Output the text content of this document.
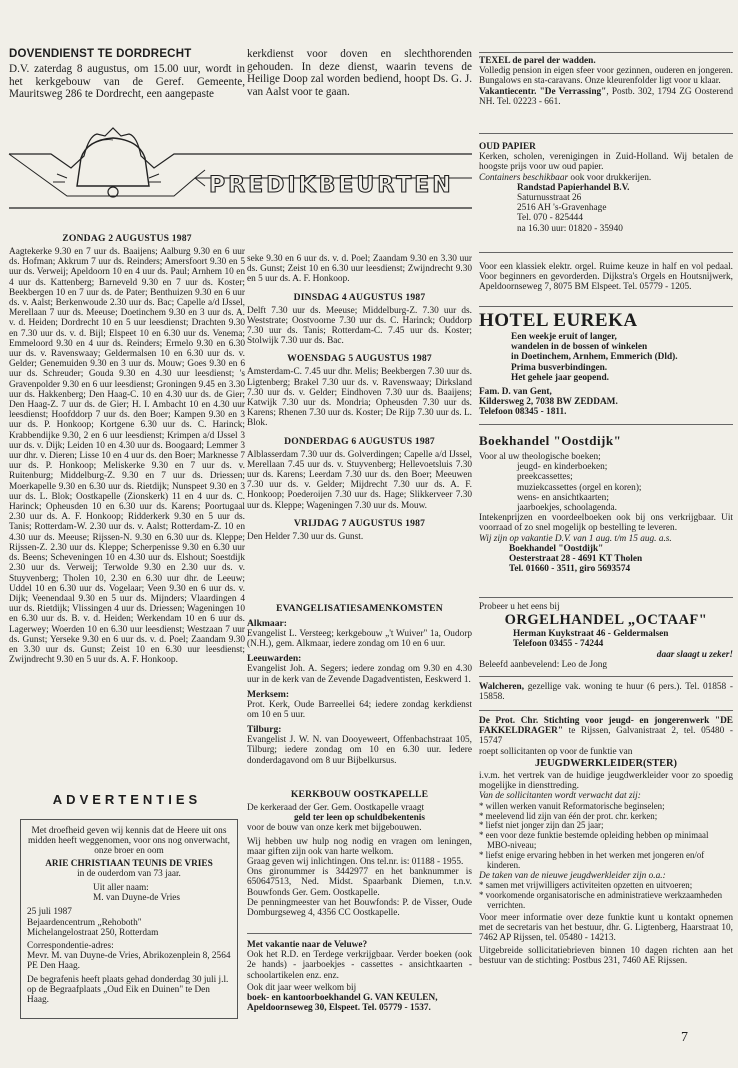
DOVENDIENST TE DORDRECHT

D.V. zaterdag 8 augustus, om 15.00 uur, wordt in het kerkgebouw van de Geref. Gemeente, Mauritsweg 286 te Dordrecht, een aangepaste

kerkdienst voor doven en slechthorenden gehouden. In deze dienst, waarin tevens de Heilige Doop zal worden bediend, hoopt Ds. G. J. van Aalst voor te gaan.

PREDIKBEURTEN

ZONDAG 2 AUGUSTUS 1987

Aagtekerke 9.30 en 7 uur ds. Baaijens; Aalburg 9.30 en 6 uur ds. Hofman; Akkrum 7 uur ds. Reinders; Amersfoort 9.30 en 5 uur ds. Verweij; Apeldoorn 10 en 4 uur ds. Paul; Arnhem 10 en 4 uur ds. Kattenberg; Barneveld 9.30 en 7 uur ds. Koster; Beekbergen 10 en 7 uur ds. de Pater; Benthuizen 9.30 en 6 uur ds. v. Aalst; Berkenwoude 2.30 uur ds. Bac; Capelle a/d IJssel, Merellaan 7 uur ds. Meeuse; Doetinchem 9.30 en 3 uur ds. A. v. d. Heiden; Dordrecht 10 en 5 uur leesdienst; Drachten 9.30 en 7.30 uur ds. v. d. Bijl; Elspeet 10 en 6.30 uur ds. Venema; Emmeloord 9.30 en 4 uur ds. Reinders; Ermelo 9.30 en 6.30 uur ds. v. Ravenswaay; Geldermalsen 10 en 6.30 uur ds. v. Gelder; Genemuiden 9.30 en 3 uur ds. Mouw; Goes 9.30 en 6 uur ds. Schreuder; Gouda 9.30 en 4.30 uur leesdienst; 's Gravenpolder 9.30 en 6 uur leesdienst; Groningen 9.45 en 3.30 uur ds. Hakkenberg; Den Haag-C. 10 en 4.30 uur ds. de Gier; Den Haag-Z. 7 uur ds. de Gier; H. I. Ambacht 10 en 4.30 uur leesdienst; Hoofddorp 7 uur ds. den Boer; Kampen 9.30 en 3 uur ds. P. Honkoop; Kortgene 6.30 uur ds. C. Harinck; Krabbendijke 9.30, 2 en 6 uur leesdienst; Krimpen a/d IJssel 3 uur ds. v. Dijk; Leiden 10 en 4.30 uur ds. Boogaard; Lemmer 3 uur dhr. v. Dieren; Lisse 10 en 4 uur ds. den Boer; Marknesse 7 uur ds. P. Honkoop; Meliskerke 9.30 en 7 uur ds. v. Ruitenburg; Middelburg-Z. 9.30 en 7 uur ds. Driessen; Moerkapelle 9.30 en 6.30 uur ds. Rietdijk; Nunspeet 9.30 en 3 uur ds. L. Blok; Oostkapelle (Zionskerk) 11 en 4 uur ds. C. Harinck; Opheusden 10 en 6.30 uur ds. Karens; Poortugaal 2.30 uur ds. A. F. Honkoop; Ridderkerk 9.30 en 5 uur ds. Tanis; Rotterdam-W. 2.30 uur ds. v. Aalst; Rotterdam-Z. 10 en 4.30 uur ds. Meeuse; Rijssen-N. 9.30 en 6.30 uur ds. Kleppe; Rijssen-Z. 2.30 uur ds. Kleppe; Scherpenisse 9.30 en 6.30 uur ds. Beens; Scheveningen 10 en 4.30 uur ds. Elshout; Soestdijk 2.30 uur ds. Verweij; Terwolde 9.30 en 2.30 uur ds. v. Stuyvenberg; Tholen 10, 2.30 en 6.30 uur dhr. de Leeuw; Uddel 10 en 6.30 uur ds. Vogelaar; Veen 9.30 en 6 uur ds. v. Dijk; Veenendaal 9.30 en 5 uur ds. Mijnders; Vlaardingen 4 uur ds. Rietdijk; Vlissingen 4 uur ds. Driessen; Wageningen 10 en 6.30 uur ds. B. v. d. Heiden; Werkendam 10 en 6 uur ds. Lagerwey; Woerden 10 en 6.30 uur leesdienst; Westzaan 7 uur ds. Gunst; Yerseke 9.30 en 6 uur ds. v. d. Poel; Zaandam 9.30 en 3.30 uur ds. Gunst; Zeist 10 en 6.30 uur leesdienst; Zwijndrecht 9.30 en 5 uur ds. A. F. Honkoop.

seke 9.30 en 6 uur ds. v. d. Poel; Zaandam 9.30 en 3.30 uur ds. Gunst; Zeist 10 en 6.30 uur leesdienst; Zwijndrecht 9.30 en 5 uur ds. A. F. Honkoop.

DINSDAG 4 AUGUSTUS 1987

Delft 7.30 uur ds. Meeuse; Middelburg-Z. 7.30 uur ds. Weststrate; Oostvoorne 7.30 uur ds. C. Harinck; Ouddorp 7.30 uur ds. Tanis; Rotterdam-C. 7.45 uur ds. Koster; Stolwijk 7.30 uur ds. Bac.

WOENSDAG 5 AUGUSTUS 1987

Amsterdam-C. 7.45 uur dhr. Melis; Beekbergen 7.30 uur ds. Ligtenberg; Brakel 7.30 uur ds. v. Ravenswaay; Dirksland 7.30 uur ds. v. Gelder; Eindhoven 7.30 uur ds. Baaijens; Katwijk 7.30 uur ds. Mondria; Opheusden 7.30 uur ds. Karens; Rhenen 7.30 uur ds. Koster; De Rijp 7.30 uur ds. L. Blok.

DONDERDAG 6 AUGUSTUS 1987

Alblasserdam 7.30 uur ds. Golverdingen; Capelle a/d IJssel, Merellaan 7.45 uur ds. v. Stuyvenberg; Hellevoetsluis 7.30 uur ds. Karens; Leerdam 7.30 uur ds. den Boer; Meeuwen 7.30 uur ds. v. Gelder; Mijdrecht 7.30 uur ds. A. F. Honkoop; Poederoijen 7.30 uur ds. Hage; Slikkerveer 7.30 uur ds. Kleppe; Wageningen 7.30 uur ds. Mouw.

VRIJDAG 7 AUGUSTUS 1987

Den Helder 7.30 uur ds. Gunst.

EVANGELISATIESAMENKOMSTEN

Alkmaar:

Evangelist L. Versteeg; kerkgebouw „'t Wuiver" 1a, Oudorp (N.H.), gem. Alkmaar, iedere zondag om 10 en 6 uur.

Leeuwarden:

Evangelist Joh. A. Segers; iedere zondag om 9.30 en 4.30 uur in de kerk van de Zevende Dagadventisten, Eeskwerd 1.

Merksem:

Prot. Kerk, Oude Barreellei 64; iedere zondag kerkdienst om 10 en 5 uur.

Tilburg:

Evangelist J. W. N. van Dooyeweert, Offenbachstraat 105, Tilburg; iedere zondag om 10 en 6.30 uur. Iedere donderdagavond om 8 uur Bijbelkursus.

ADVERTENTIES

Met droefheid geven wij kennis dat de Heere uit ons midden heeft weggenomen, voor ons nog onverwacht, onze broer en oom

ARIE CHRISTIAAN TEUNIS DE VRIES

in de ouderdom van 73 jaar.

Uit aller naam:

M. van Duyne-de Vries

25 juli 1987

Bejaardencentrum „Rehoboth"

Michelangelostraat 250, Rotterdam

Correspondentie-adres:

Mevr. M. van Duyne-de Vries, Abrikozenplein 8, 2564 PE Den Haag.

De begrafenis heeft plaats gehad donderdag 30 juli j.l. op de Begraafplaats „Oud Eik en Duinen" te Den Haag.

KERKBOUW OOSTKAPELLE

De kerkeraad der Ger. Gem. Oostkapelle vraagt

geld ter leen op schuldbekentenis

voor de bouw van onze kerk met bijgebouwen.

Wij hebben uw hulp nog nodig en vragen om leningen, maar giften zijn ook van harte welkom.

Graag geven wij inlichtingen. Ons tel.nr. is: 01188 - 1955.

Ons gironummer is 3442977 en het banknummer is 650647513, Ned. Midst. Spaarbank Diemen, t.n.v. Bouwfonds Ger. Gem. Oostkapelle.

De penningmeester van het Bouwfonds: P. de Visser, Oude Domburgseweg 4, 4356 CC Oostkapelle.

Met vakantie naar de Veluwe?

Ook het R.D. en Terdege verkrijgbaar. Verder boeken (ook 2e hands) - jaarboekjes - cassettes - ansichtkaarten - schoolartikelen enz. enz.

Ook dit jaar weer welkom bij

boek- en kantoorboekhandel G. VAN KEULEN, Apeldoornseweg 30, Elspeet. Tel. 05779 - 1537.

TEXEL de parel der wadden.

Volledig pension in eigen sfeer voor gezinnen, ouderen en jongeren. Bungalows en sta-caravans. Onze kleurenfolder ligt voor u klaar.

Vakantiecentr. "De Verrassing", Postb. 302, 1794 ZG Oosterend NH. Tel. 02223 - 661.

OUD PAPIER

Kerken, scholen, verenigingen in Zuid-Holland. Wij betalen de hoogste prijs voor uw oud papier.

Containers beschikbaar ook voor drukkerijen.

Randstad Papierhandel B.V.

Saturnusstraat 26

2516 AH 's-Gravenhage

Tel. 070 - 825444

na 16.30 uur: 01820 - 35940

Voor een klassiek elektr. orgel. Ruime keuze in half en vol pedaal. Voor beginners en gevorderden. Dijkstra's Orgels en Houtsnijwerk, Apeldoornseweg 7, 8075 BM Elspeet. Tel. 05779 - 1205.

HOTEL EUREKA

Een weekje eruit of langer,

wandelen in de bossen of winkelen

in Doetinchem, Arnhem, Emmerich (Dld).

Prima busverbindingen.

Het gehele jaar geopend.

Fam. D. van Gent,

Kildersweg 2, 7038 BW ZEDDAM.

Telefoon 08345 - 1811.

Boekhandel "Oostdijk"

Voor al uw theologische boeken;

jeugd- en kinderboeken;

preekcassettes;

muziekcassettes (orgel en koren);

wens- en ansichtkaarten;

jaarboekjes, schoolagenda.

Intekenprijzen en voordeelboeken ook bij ons verkrijgbaar. Uit voorraad of zo snel mogelijk op bestelling te leveren.

Wij zijn op vakantie D.V. van 1 aug. t/m 15 aug. a.s.

Boekhandel "Oostdijk"

Oesterstraat 28 - 4691 KT Tholen

Tel. 01660 - 3511, giro 5693574

Probeer u het eens bij

ORGELHANDEL „OCTAAF"

Herman Kuykstraat 46 - Geldermalsen

Telefoon 03455 - 74244

daar slaagt u zeker!

Beleefd aanbevelend: Leo de Jong

Walcheren, gezellige vak. woning te huur (6 pers.). Tel. 01858 - 15858.

De Prot. Chr. Stichting voor jeugd- en jongerenwerk "DE FAKKELDRAGER" te Rijssen, Galvanistraat 2, tel. 05480 - 15747

roept sollicitanten op voor de funktie van

JEUGDWERKLEIDER(STER)

i.v.m. het vertrek van de huidige jeugdwerkleider voor zo spoedig mogelijke in diensttreding.

Van de sollicitanten wordt verwacht dat zij:

* willen werken vanuit Reformatorische beginselen;

* meelevend lid zijn van één der prot. chr. kerken;

* liefst niet jonger zijn dan 25 jaar;

* een voor deze funktie bestemde opleiding hebben op minimaal MBO-niveau;

* liefst enige ervaring hebben in het werken met jongeren en/of kinderen.

De taken van de nieuwe jeugdwerkleider zijn o.a.:

* samen met vrijwilligers activiteiten opzetten en uitvoeren;

* voorkomende organisatorische en administratieve werkzaamheden verrichten.

Voor meer informatie over deze funktie kunt u kontakt opnemen met de secretaris van het bestuur, dhr. G. Ligtenberg, Haarstraat 10, 7462 AP Rijssen, tel. 05480 - 14213.

Uitgebreide sollicitatiebrieven binnen 10 dagen richten aan het bestuur van de stichting: Postbus 231, 7460 AE Rijssen.

7
